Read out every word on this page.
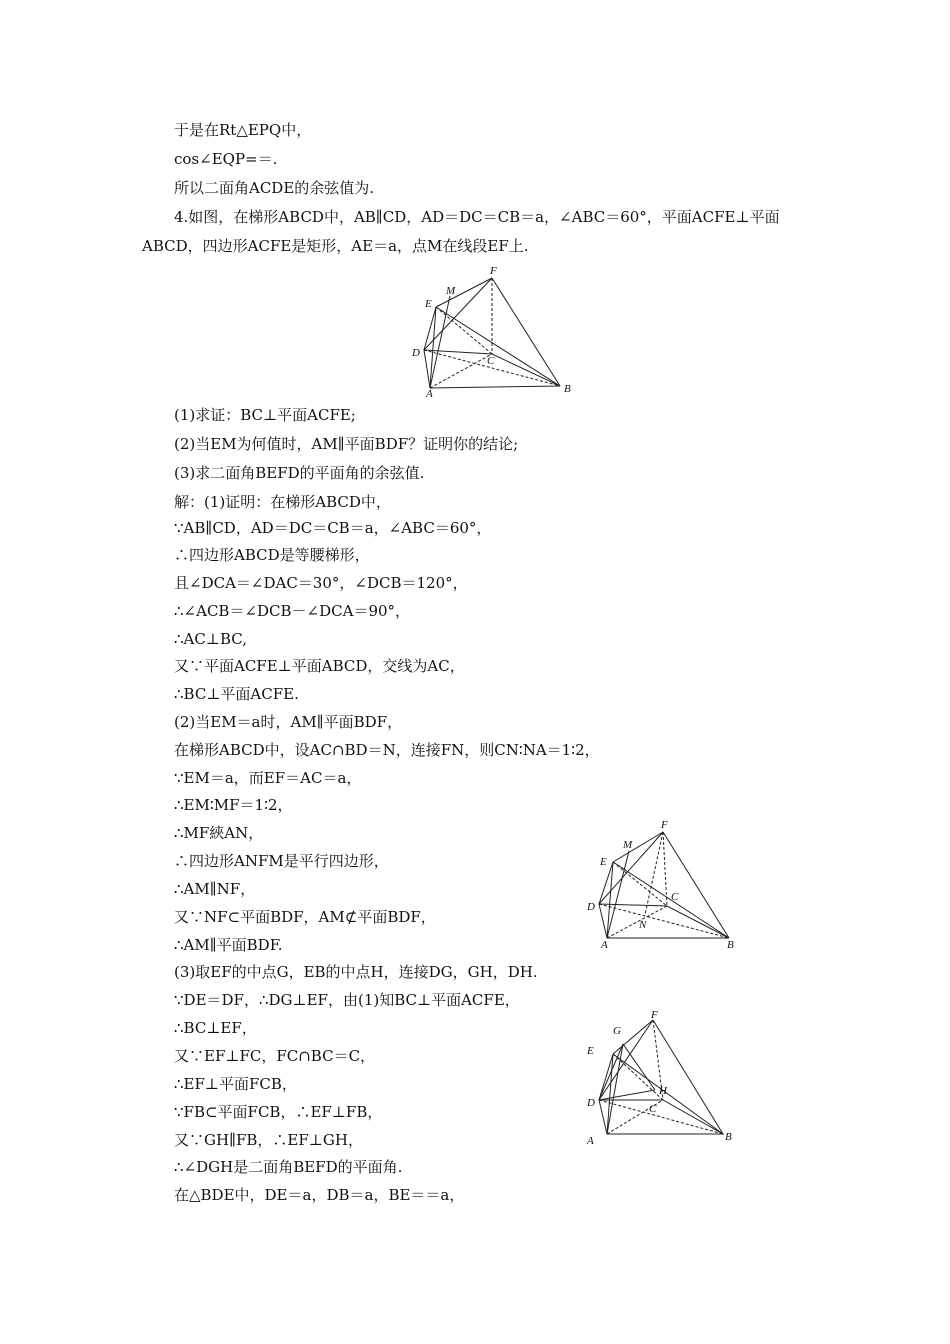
于是在Rt△EPQ中，
cos∠EQP=＝.
所以二面角ACDE的余弦值为.
4.如图，在梯形ABCD中，AB∥CD，AD＝DC＝CB＝a，∠ABC＝60°，平面ACFE⊥平面
ABCD，四边形ACFE是矩形，AE＝a，点M在线段EF上.
(1)求证：BC⊥平面ACFE;
(2)当EM为何值时，AM∥平面BDF？证明你的结论;
(3)求二面角BEFD的平面角的余弦值.
解：(1)证明：在梯形ABCD中，
∵AB∥CD，AD＝DC＝CB＝a，∠ABC＝60°，
∴四边形ABCD是等腰梯形，
且∠DCA＝∠DAC＝30°，∠DCB＝120°，
∴∠ACB＝∠DCB－∠DCA＝90°，
∴AC⊥BC,
又∵平面ACFE⊥平面ABCD，交线为AC，
∴BC⊥平面ACFE.
(2)当EM＝a时，AM∥平面BDF，
在梯形ABCD中，设AC∩BD＝N，连接FN，则CN∶NA＝1∶2，
∵EM＝a，而EF＝AC＝a，
∴EM∶MF＝1∶2，
∴MF綊AN，
∴四边形ANFM是平行四边形，
∴AM∥NF，
又∵NF⊂平面BDF，AM⊄平面BDF，
∴AM∥平面BDF.
(3)取EF的中点G，EB的中点H，连接DG，GH，DH.
∵DE＝DF，∴DG⊥EF，由(1)知BC⊥平面ACFE，
∴BC⊥EF，
又∵EF⊥FC，FC∩BC＝C，
∴EF⊥平面FCB，
∵FB⊂平面FCB，∴EF⊥FB，
又∵GH∥FB，∴EF⊥GH，
∴∠DGH是二面角BEFD的平面角.
在△BDE中，DE＝a，DB＝a，BE＝＝a，
F
M
E
D
C
A	B
F
M
E
C
D
N
A	B
F
G
E
H
D	C
A	B
